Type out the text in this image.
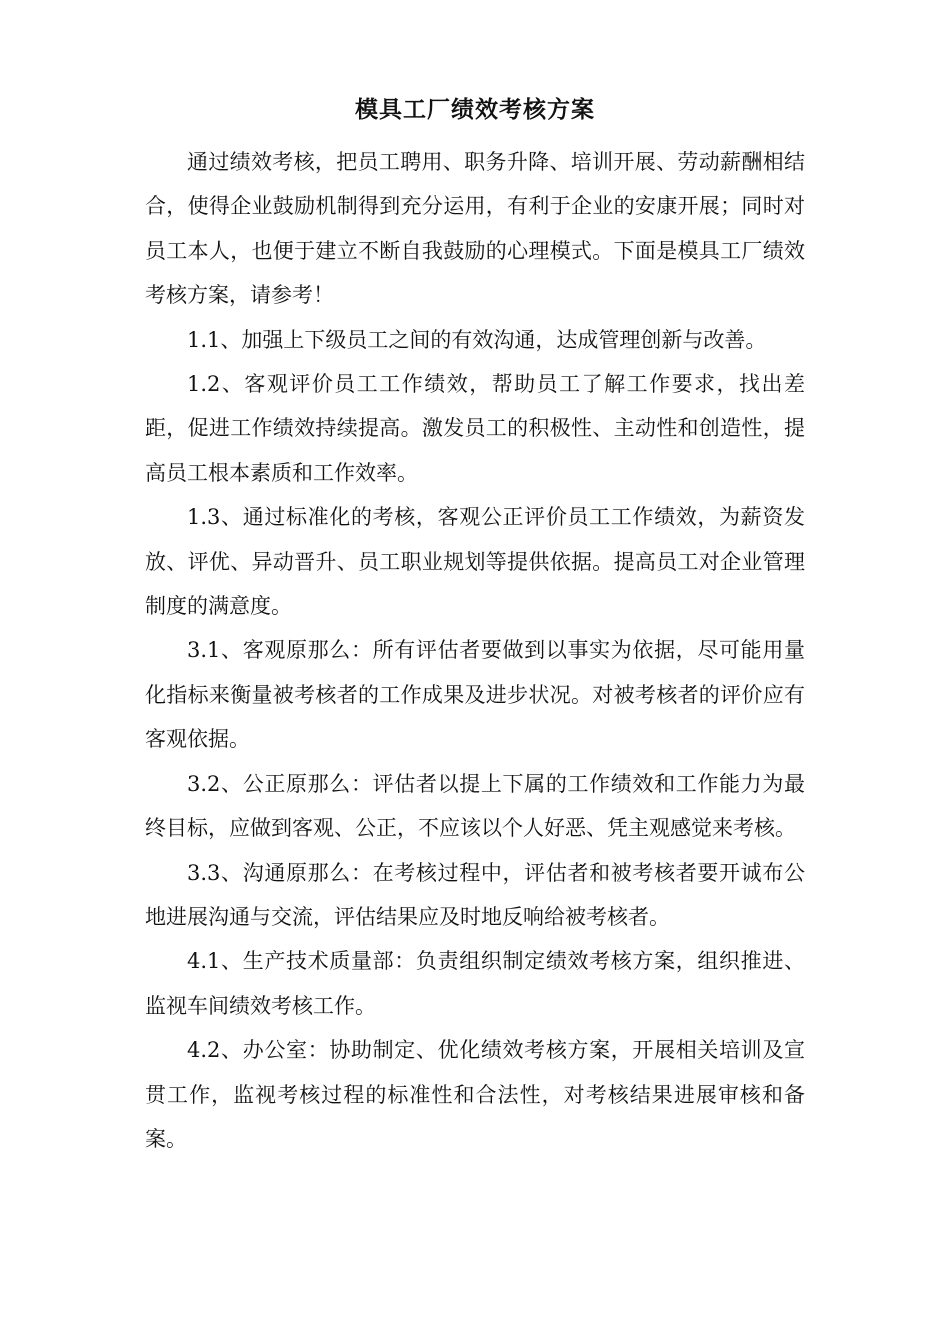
模具工厂绩效考核方案

通过绩效考核，把员工聘用、职务升降、培训开展、劳动薪酬相结合，使得企业鼓励机制得到充分运用，有利于企业的安康开展；同时对员工本人，也便于建立不断自我鼓励的心理模式。下面是模具工厂绩效考核方案，请参考！

1.1、加强上下级员工之间的有效沟通，达成管理创新与改善。

1.2、客观评价员工工作绩效，帮助员工了解工作要求，找出差距，促进工作绩效持续提高。激发员工的积极性、主动性和创造性，提高员工根本素质和工作效率。

1.3、通过标准化的考核，客观公正评价员工工作绩效，为薪资发放、评优、异动晋升、员工职业规划等提供依据。提高员工对企业管理制度的满意度。

3.1、客观原那么：所有评估者要做到以事实为依据，尽可能用量化指标来衡量被考核者的工作成果及进步状况。对被考核者的评价应有客观依据。

3.2、公正原那么：评估者以提上下属的工作绩效和工作能力为最终目标，应做到客观、公正，不应该以个人好恶、凭主观感觉来考核。

3.3、沟通原那么：在考核过程中，评估者和被考核者要开诚布公地进展沟通与交流，评估结果应及时地反响给被考核者。

4.1、生产技术质量部：负责组织制定绩效考核方案，组织推进、监视车间绩效考核工作。

4.2、办公室：协助制定、优化绩效考核方案，开展相关培训及宣贯工作，监视考核过程的标准性和合法性，对考核结果进展审核和备案。
